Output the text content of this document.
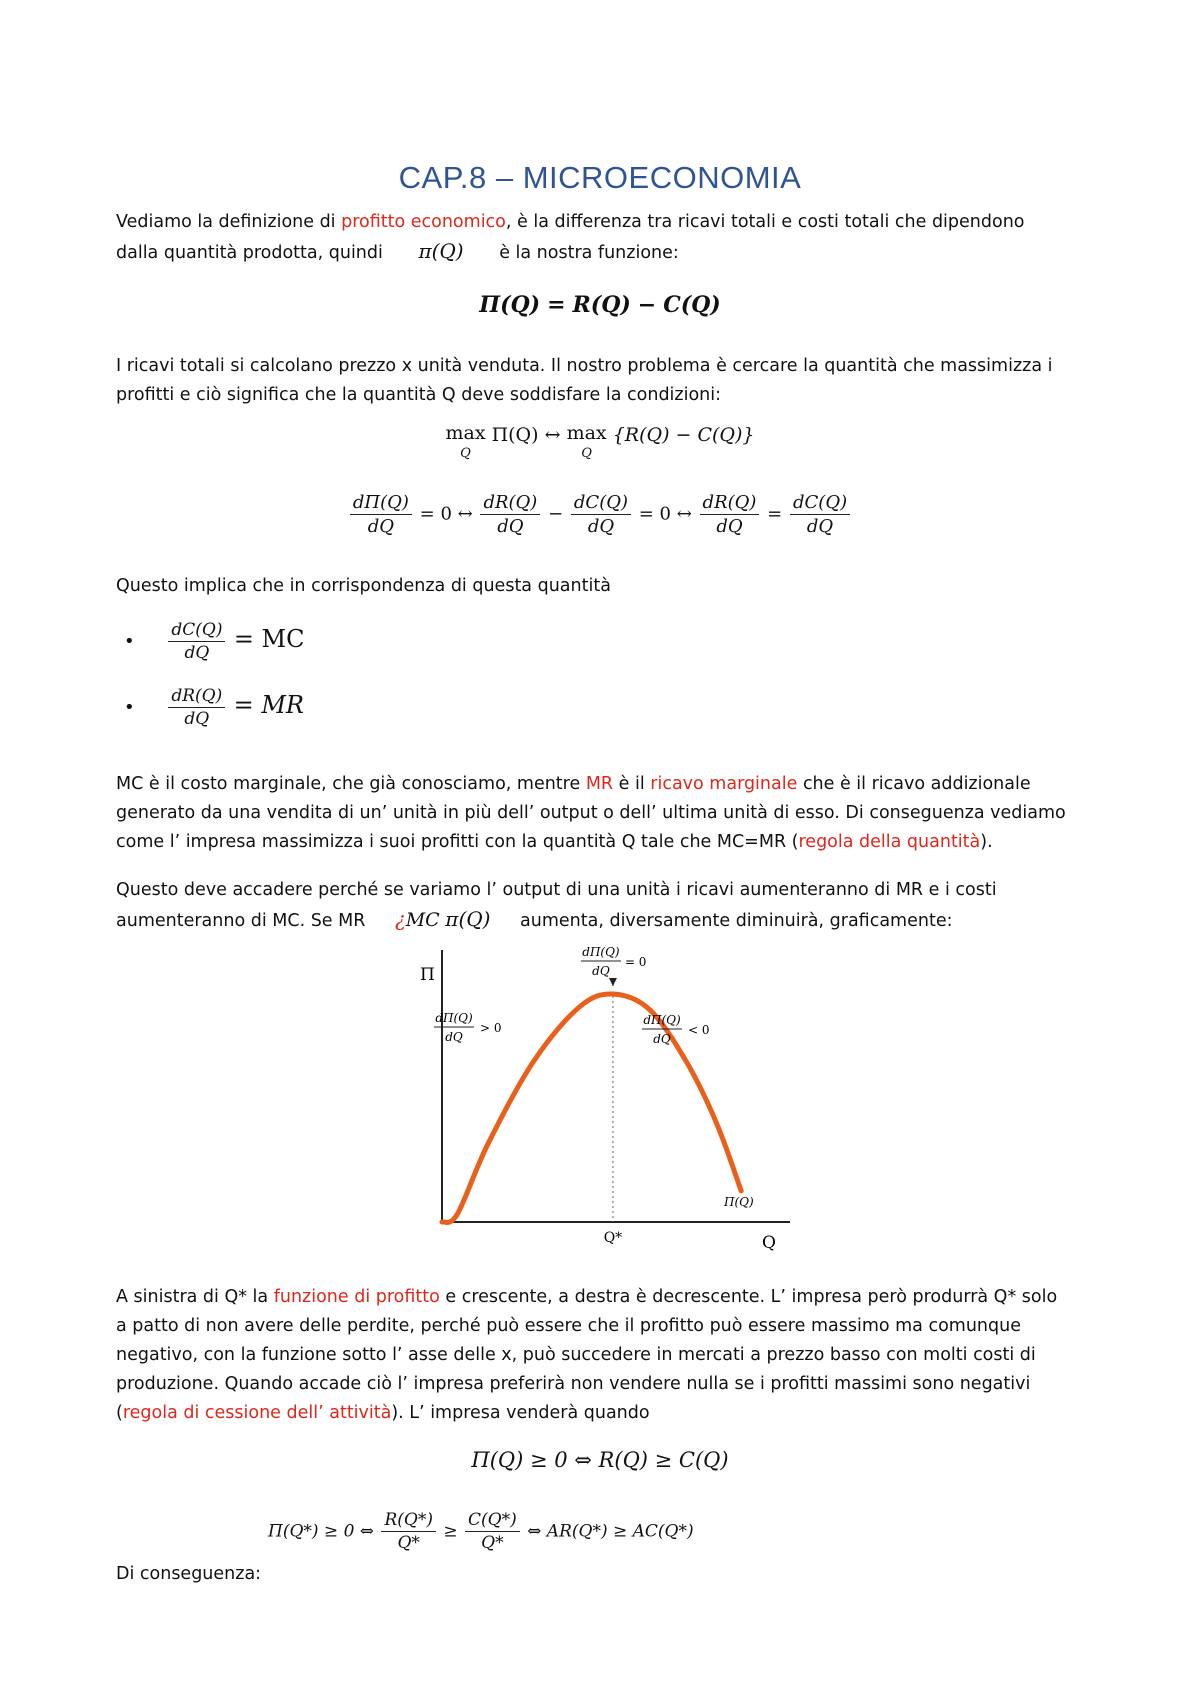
CAP.8 – MICROECONOMIA

Vediamo la definizione di profitto economico, è la differenza tra ricavi totali e costi totali che dipendono
dalla quantità prodotta, quindi π(Q) è la nostra funzione:

Π(Q) = R(Q) − C(Q)

I ricavi totali si calcolano prezzo x unità venduta. Il nostro problema è cercare la quantità che massimizza i
profitti e ciò significa che la quantità Q deve soddisfare la condizioni:

max
Q Π(Q) ↔ max
Q {R(Q) − C(Q)}
$\frac{d\Pi(Q)}{dQ} = 0$ ↔ $\frac{dR(Q)}{dQ} - \frac{dC(Q)}{dQ} = 0$ ↔ $\frac{dR(Q)}{dQ} = \frac{dC(Q)}{dQ}$

Questo implica che in corrispondenza di questa quantità

• $\frac{dC(Q)}{dQ}$ = MC
• $\frac{dR(Q)}{dQ}$ = MR

MC è il costo marginale, che già conosciamo, mentre MR è il ricavo marginale che è il ricavo addizionale
generato da una vendita di un’ unità in più dell’ output o dell’ ultima unità di esso. Di conseguenza vediamo
come l’ impresa massimizza i suoi profitti con la quantità Q tale che MC=MR (regola della quantità).

Questo deve accadere perché se variamo l’ output di una unità i ricavi aumenteranno di MR e i costi
aumenteranno di MC. Se MR ¿MC π(Q) aumenta, diversamente diminuirà, graficamente:

Π
Q
Q*
dΠ(Q)
dQ
= 0
dΠ(Q)
dQ
> 0
dΠ(Q)
dQ
< 0
Π(Q)

A sinistra di Q* la funzione di profitto e crescente, a destra è decrescente. L’ impresa però produrrà Q* solo
a patto di non avere delle perdite, perché può essere che il profitto può essere massimo ma comunque
negativo, con la funzione sotto l’ asse delle x, può succedere in mercati a prezzo basso con molti costi di
produzione. Quando accade ciò l’ impresa preferirà non vendere nulla se i profitti massimi sono negativi
(regola di cessione dell’ attività). L’ impresa venderà quando

Π(Q) ≥ 0 ⇔ R(Q) ≥ C(Q)
Π(Q*) ≥ 0 ⇔ $\frac{R(Q*)}{Q*} \ge \frac{C(Q*)}{Q*}$ ⇔ AR(Q*) ≥ AC(Q*)

Di conseguenza:
